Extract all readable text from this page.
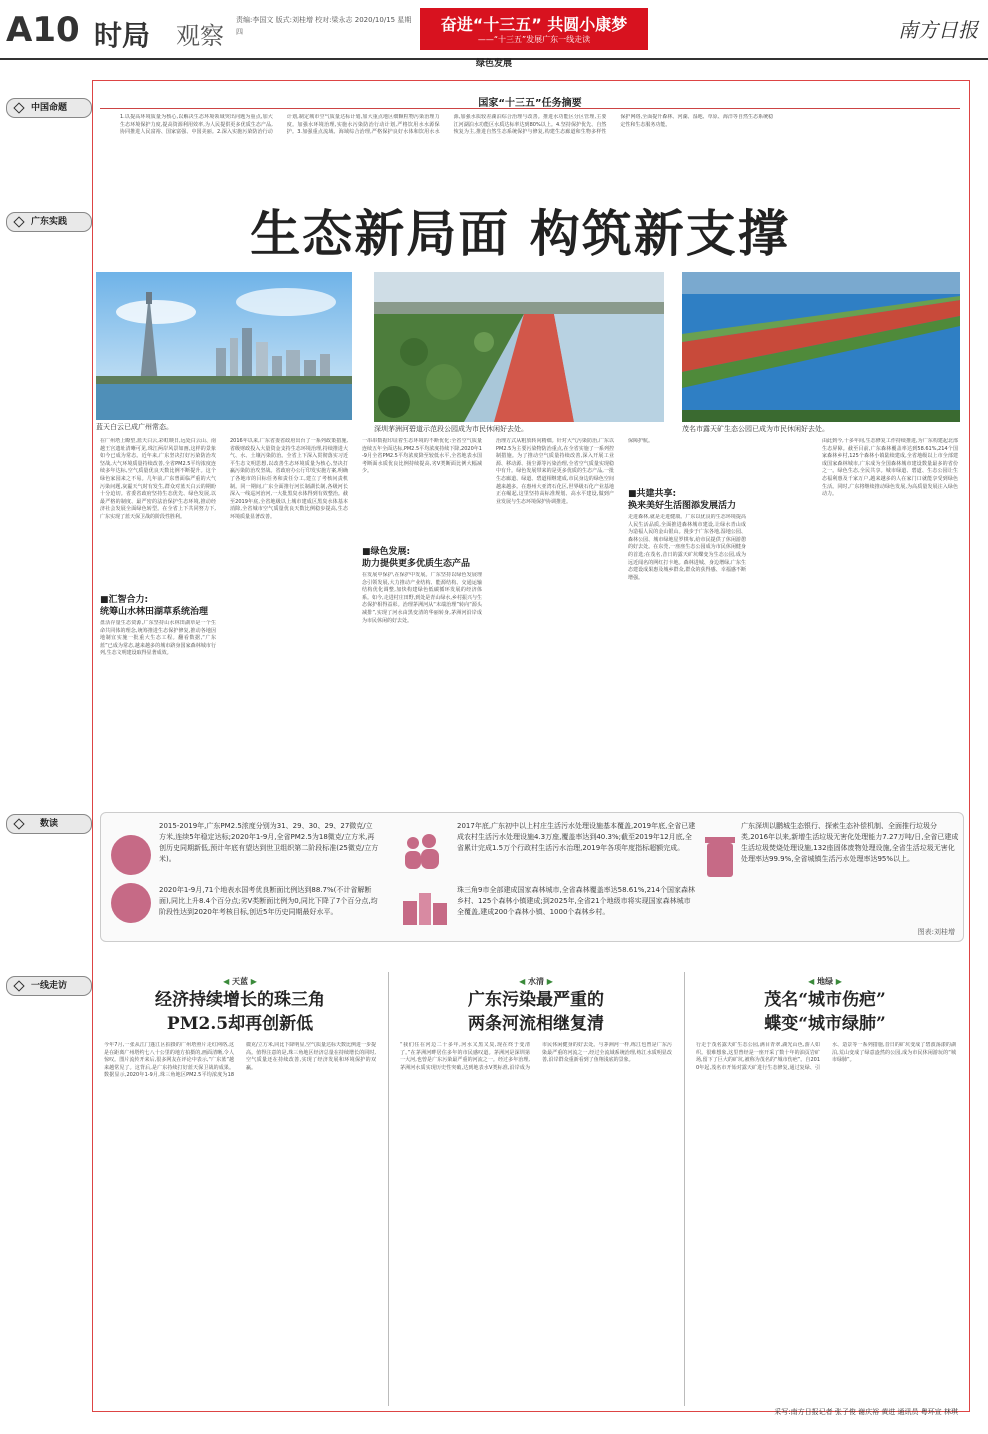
A10 时局 观察
责编:李国文 版式:刘桂增 校对:梁永志 2020/10/15 星期四	奋进“十三五” 共圆小康梦
——“十三五”发展广东一线走读	南方日报
绿色发展
中国命题
广东实践
数读
一线走访
国家“十三五”任务摘要
1.以提高环境质量为核心,以解决生态环境领域突出问题为重点,加大生态环境保护力度,提高资源利用效率,为人民提供更多优质生态产品,协同推进人民富裕、国家富强、中国美丽。2.深入实施污染防治行动计划,制定城市空气质量达标计划,加大重点地区细颗粒物污染治理力度。加强水环境治理,实施水污染防治行动计划,严格饮用水水源保护。3.加强重点流域、海域综合治理,严格保护良好水体和饮用水水源,加强水质较差湖泊综合治理与改善。推进水功能区分区管理,主要江河湖泊水功能区水质达标率达到80%以上。4.坚持保护优先、自然恢复为主,推进自然生态系统保护与修复,构建生态廊道和生物多样性保护网络,全面提升森林、河湖、湿地、草原、海洋等自然生态系统稳定性和生态服务功能。
生态新局面 构筑新支撑
蓝天白云已成广州常态。	深圳茅洲河碧道示范段公园成为市民休闲好去处。	茂名市露天矿生态公园已成为市民休闲好去处。
在广州塔上瞭望,蓝天白云,彩虹映日,远处白云山、南越王宫遗址清晰可见,珠江两岸风景如画,这样的景象如今已成为常态。近年来,广东坚决打好污染防治攻坚战,大气环境质量持续改善,全省PM2.5平均浓度连续多年达标,空气质量优良天数比例不断提升。这个绿色家园来之不易。几年前,广东曾面临严重的大气污染问题,灰霾天气时有发生,群众对蓝天白云的期盼十分迫切。省委省政府坚持生态优先、绿色发展,以最严格的制度、最严密的法治保护生态环境,推动经济社会发展全面绿色转型。在全省上下共同努力下,广东实现了蓝天保卫战的阶段性胜利。
■汇智合力:
统筹山水林田湖草系统治理
盘活存量生态资源,广东坚持山水林田湖草是一个生命共同体的理念,统筹推进生态保护修复,推动各地因地制宜实施一批重大生态工程。翻看数据,“广东蓝”已成为常态,越来越多的城市跻身国家森林城市行列,生态文明建设取得显著成效。
2016年以来,广东省委省政府出台了一系列政策措施,省级财政投入大量资金支持生态环境治理,持续推进大气、水、土壤污染防治。全省上下深入贯彻落实习近平生态文明思想,以改善生态环境质量为核心,坚决打赢污染防治攻坚战。省政府办公厅印发实施方案,明确了各地市的目标任务和责任分工,建立了考核问责机制。同一期间,广东全面推行河长制湖长制,各级河长深入一线巡河治河,一大批黑臭水体得到有效整治。截至2019年底,全省地级以上城市建成区黑臭水体基本消除,全省城市空气质量优良天数比例稳步提高,生态环境质量显著改善。
一串串数据印证着生态环境的不断优化:全省空气质量连续五年全面达标,PM2.5平均浓度持续下降,2020年1-9月全省PM2.5平均浓度降至较低水平,全省地表水国考断面水质优良比例持续提高,劣V类断面比例大幅减少。
■绿色发展:
助力提供更多优质生态产品
在发展中保护,在保护中发展。广东坚持以绿色发展理念引领发展,大力推动产业结构、能源结构、交通运输结构优化调整,加快构建绿色低碳循环发展的经济体系。如今,走进村庄田野,到处是青山绿水,乡村振兴与生态保护相得益彰。治理茅洲河从“末端治理”转向“源头减排”,实现了河水由黑变清的华丽转身,茅洲河沿岸成为市民休闲的好去处。
治理方式从粗放转向精细。针对大气污染防治,广东以PM2.5为主要污染物防治重点,在全省实施了一系列控制措施。为了推动空气质量持续改善,深入开展工业源、移动源、扬尘源等污染治理,全省空气质量实现稳中有升。绿色发展带来的是更多优质的生态产品,一批生态廊道、绿道、碧道相继建成,市民身边的绿色空间越来越多。在惠州大亚湾石化区,世界级石化产业基地正在崛起,这里坚持高标准规划、高水平建设,做到产业发展与生态环境保护协调推进。
保障护航。
■共建共享:
换来美好生活图添发展活力
走进森林,就是走进健康。广东以优良的生态环境提高人民生活品质,全面推进森林城市建设,让绿水青山成为造福人民的金山银山。漫步于广东各地,湿地公园、森林公园、城市绿地星罗棋布,给市民提供了休闲游憩的好去处。在东莞,一座座生态公园成为市民休闲健身的首选;在茂名,昔日的露天矿坑蝶变为生态公园,成为远近闻名的网红打卡地。森林进城、身边增绿,广东生态建设成果惠及城乡群众,群众的获得感、幸福感不断增强。
由此到今,十多年间,生态修复工作持续推进,为广东构建起北部生态屏障。截至目前,广东森林覆盖率达到58.61%,214个国家森林乡村,125个森林小镇陆续建成,全省地级以上市全部建成国家森林城市,广东成为全国森林城市建设数量最多的省份之一。绿色生态,全民共享。城市绿道、碧道、生态公园让生态福利惠及千家万户,越来越多的人在家门口就能享受到绿色生活。同时,广东将继续推动绿色发展,为高质量发展注入绿色动力。
2015-2019年,广东PM2.5浓度分别为31、29、30、29、27微克/立方米,连续5年稳定达标;2020年1-9月,全省PM2.5为18微克/立方米,再创历史同期新低,预计年底有望达到世卫组织第二阶段标准(25微克/立方米)。
2020年1-9月,71个地表水国考优良断面比例达到88.7%(不计省解断面),同比上升8.4个百分点;劣V类断面比例为0,同比下降了7个百分点,均阶段性达到2020年考核目标,创近5年历史同期最好水平。
2017年底,广东初中以上村庄生活污水处理设施基本覆盖,2019年底,全省已建成农村生活污水处理设施4.3万座,覆盖率达到40.3%;截至2019年12月底,全省累计完成1.5万个行政村生活污水治理,2019年各项年度指标超额完成。
珠三角9市全部建成国家森林城市,全省森林覆盖率达58.61%,214个国家森林乡村、125个森林小镇建成;到2025年,全省21个地级市将实现国家森林城市全覆盖,建成200个森林小镇、1000个森林乡村。
广东深圳以鹏城生态银行、探索生态补偿机制、全面推行垃圾分类,2016年以来,新增生活垃圾无害化处理能力7.27万吨/日,全省已建成生活垃圾焚烧处理设施,132座固体废物处理设施,全省生活垃圾无害化处理率达99.9%,全省城镇生活污水处理率达95%以上。
图表:刘桂增
◀ 天蓝 ▶
经济持续增长的珠三角
PM2.5却再创新低
今年7月,一张从江门蓬江区拍摄的广州塔照片走红网络,这是在距离广州塔约七八十公里的地方拍摄的,画面清晰,令人惊叹。图片流传开来后,很多网友在评论中表示,“广东蓝”越来越常见了。这背后,是广东持续打好蓝天保卫战的成果。数据显示,2020年1-9月,珠三角地区PM2.5平均浓度为18微克/立方米,同比下降明显,空气质量达标天数比例进一步提高。值得注意的是,珠三角地区经济总量在持续增长的同时,空气质量还在持续改善,实现了经济发展和环境保护的双赢。
◀ 水清 ▶
广东污染最严重的
两条河流相继复清
“我们住在河边二十多年,河水又黑又臭,现在终于变清了。”在茅洲河畔居住多年的市民感叹道。茅洲河是深圳第一大河,也曾是广东污染最严重的河流之一。经过多年治理,茅洲河水质实现历史性突破,达到地表水V类标准,沿岸成为市民休闲健身的好去处。与茅洲河一样,练江也曾是广东污染最严重的河流之一,经过全流域系统治理,练江水质明显改善,沿岸群众重新看到了鱼翔浅底的景象。
◀ 地绿 ▶
茂名“城市伤疤”
蝶变“城市绿肺”
行走于茂名露天矿生态公园,满目青翠,湖光山色,游人如织。很难想象,这里曾经是一座开采了数十年的油页岩矿场,留下了巨大的矿坑,被称为茂名的“城市伤疤”。自2010年起,茂名市开始对露天矿进行生态修复,通过复绿、引水、造景等一系列措施,昔日的矿坑变成了碧波荡漾的湖泊,荒山变成了绿意盎然的公园,成为市民休闲游玩的“城市绿肺”。
采写:南方日报记者 张子俊 谢庆裕 黄进 通讯员 粤环宣 林琪
